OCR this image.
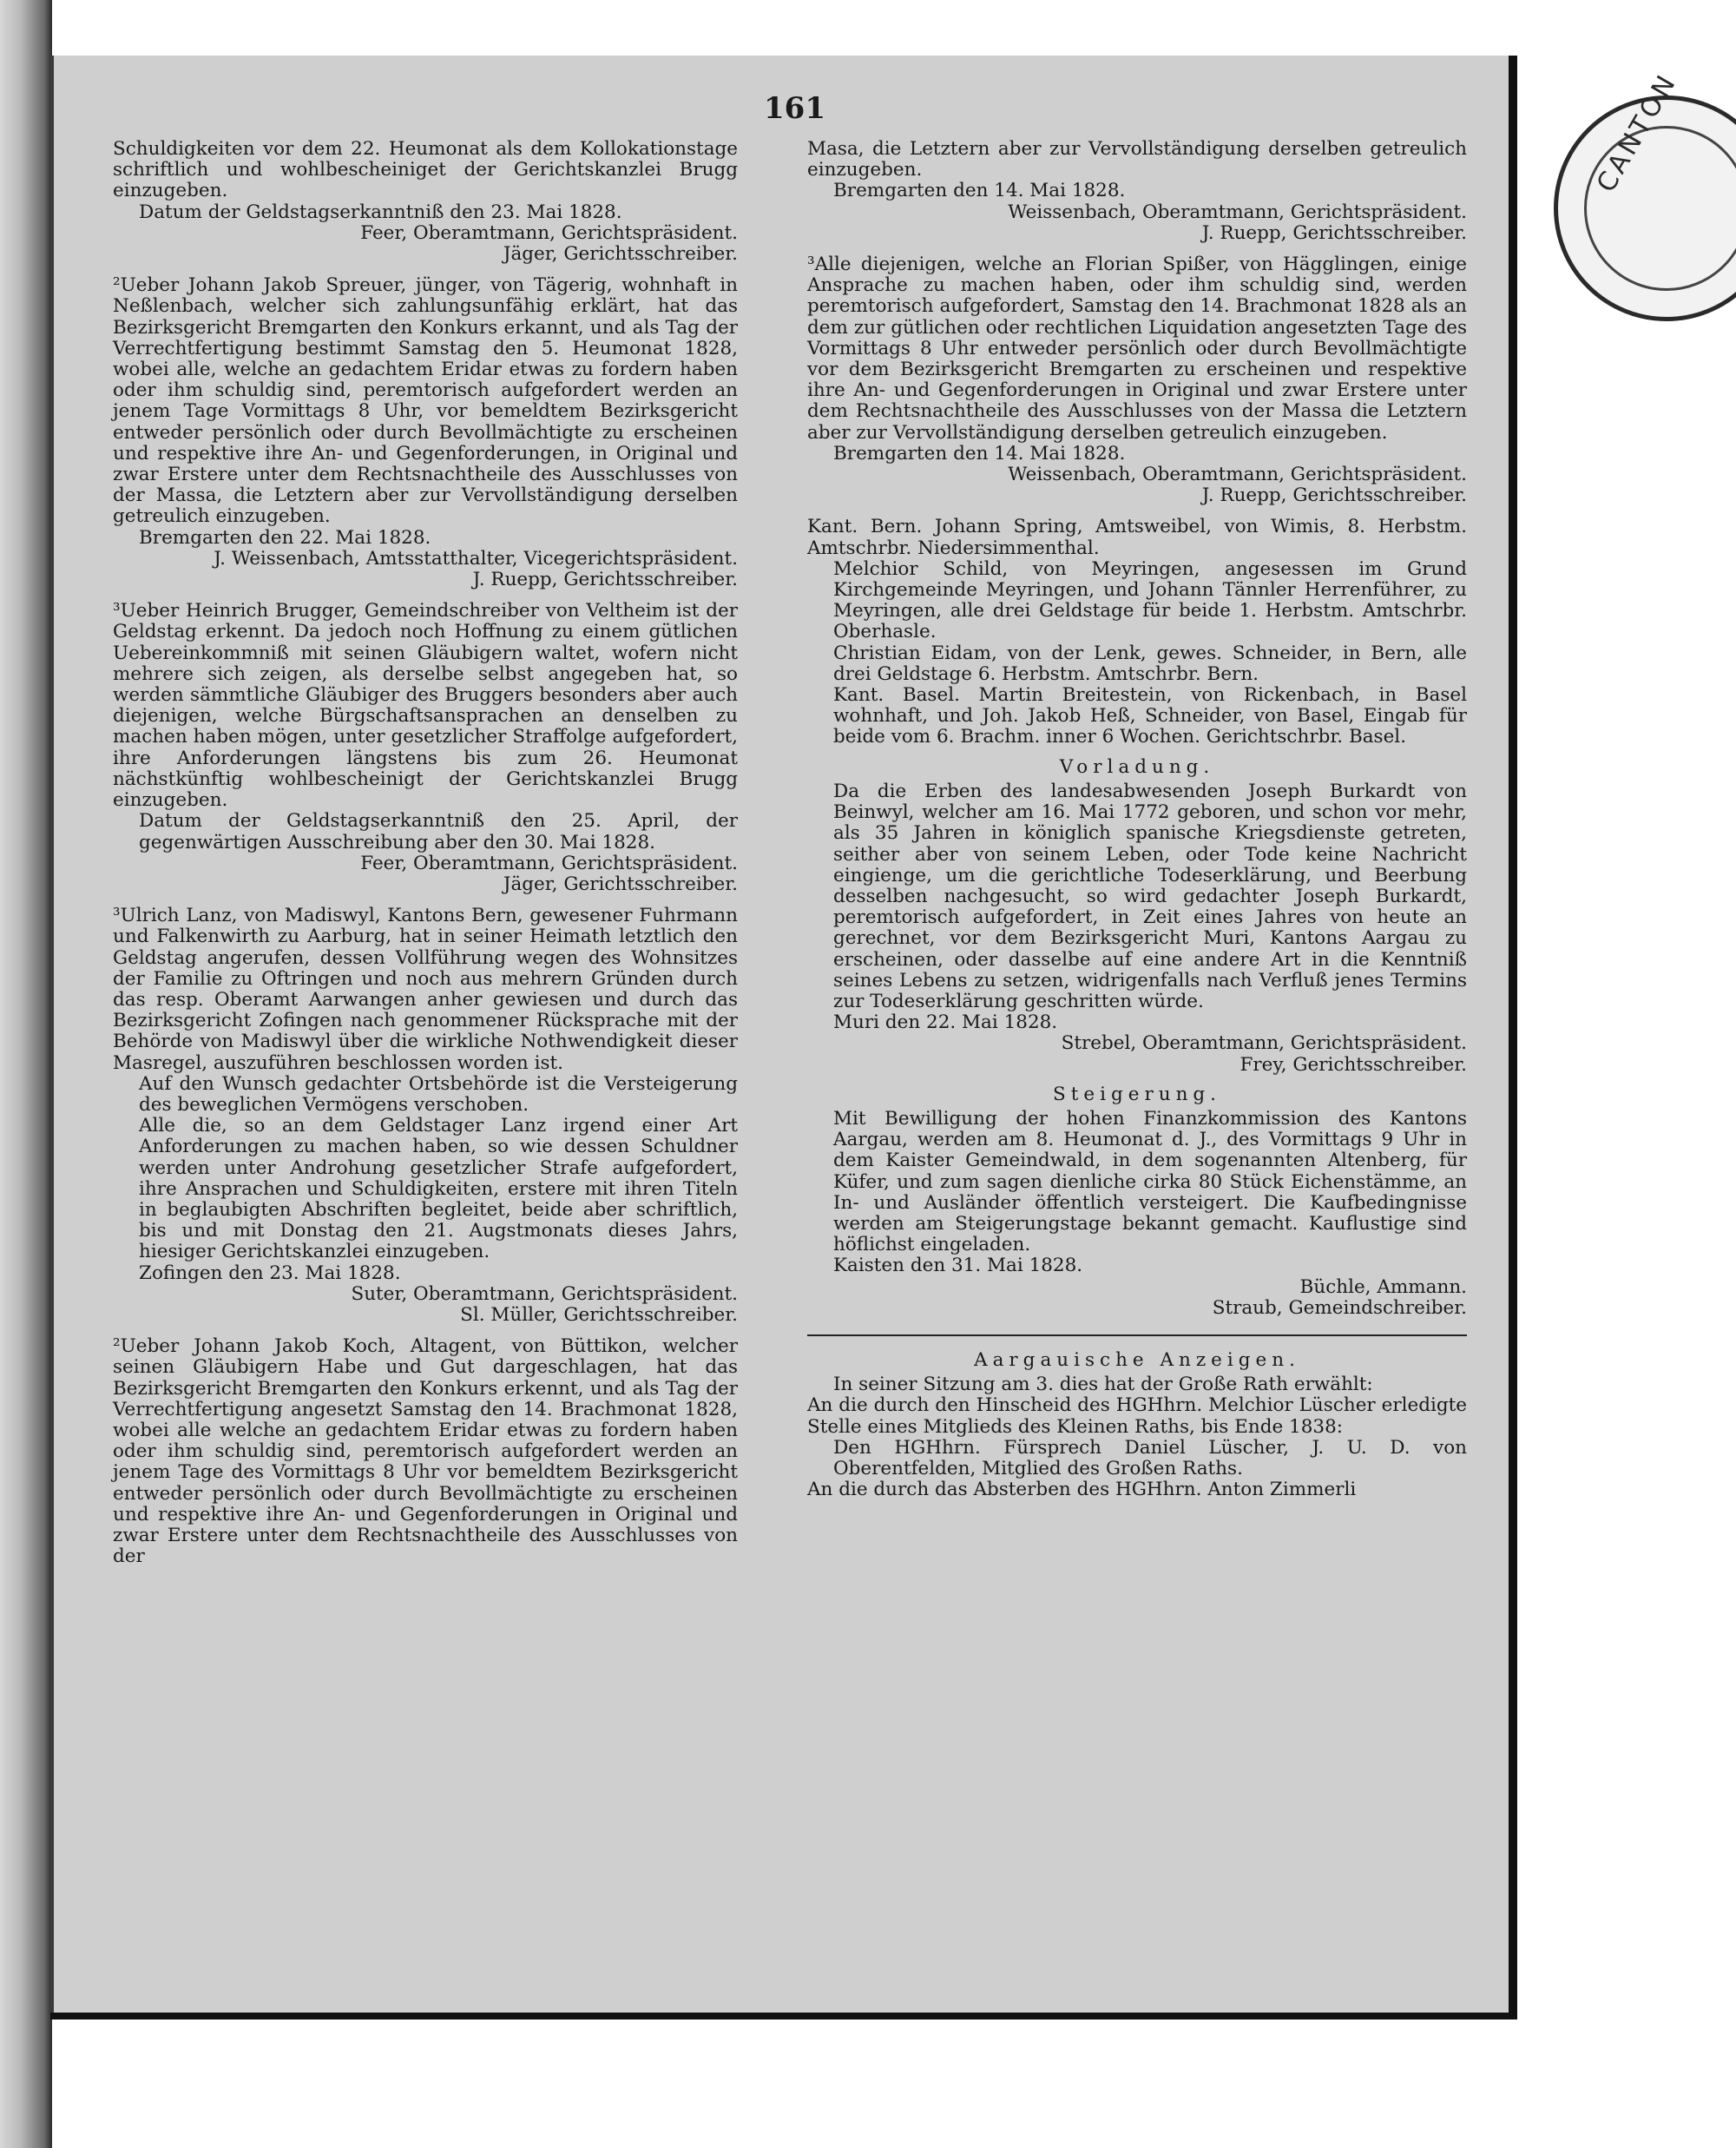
CANTON
161

Schuldigkeiten vor dem 22. Heumonat als dem Kollokationstage schriftlich und wohlbescheiniget der Gerichtskanzlei Brugg einzugeben.

Datum der Geldstagserkanntniß den 23. Mai 1828.

Feer, Oberamtmann, Gerichtspräsident.

Jäger, Gerichtsschreiber.

²Ueber Johann Jakob Spreuer, jünger, von Tägerig, wohnhaft in Neßlenbach, welcher sich zahlungsunfähig erklärt, hat das Bezirksgericht Bremgarten den Konkurs erkannt, und als Tag der Verrechtfertigung bestimmt Samstag den 5. Heumonat 1828, wobei alle, welche an gedachtem Eridar etwas zu fordern haben oder ihm schuldig sind, peremtorisch aufgefordert werden an jenem Tage Vormittags 8 Uhr, vor bemeldtem Bezirksgericht entweder persönlich oder durch Bevollmächtigte zu erscheinen und respektive ihre An- und Gegenforderungen, in Original und zwar Erstere unter dem Rechtsnachtheile des Ausschlusses von der Massa, die Letztern aber zur Vervollständigung derselben getreulich einzugeben.

Bremgarten den 22. Mai 1828.

J. Weissenbach, Amtsstatthalter, Vicegerichtspräsident.

J. Ruepp, Gerichtsschreiber.

³Ueber Heinrich Brugger, Gemeindschreiber von Veltheim ist der Geldstag erkennt. Da jedoch noch Hoffnung zu einem gütlichen Uebereinkommniß mit seinen Gläubigern waltet, wofern nicht mehrere sich zeigen, als derselbe selbst angegeben hat, so werden sämmtliche Gläubiger des Bruggers besonders aber auch diejenigen, welche Bürgschaftsansprachen an denselben zu machen haben mögen, unter gesetzlicher Straffolge aufgefordert, ihre Anforderungen längstens bis zum 26. Heumonat nächstkünftig wohlbescheinigt der Gerichtskanzlei Brugg einzugeben.

Datum der Geldstagserkanntniß den 25. April, der gegenwärtigen Ausschreibung aber den 30. Mai 1828.

Feer, Oberamtmann, Gerichtspräsident.

Jäger, Gerichtsschreiber.

³Ulrich Lanz, von Madiswyl, Kantons Bern, gewesener Fuhrmann und Falkenwirth zu Aarburg, hat in seiner Heimath letztlich den Geldstag angerufen, dessen Vollführung wegen des Wohnsitzes der Familie zu Oftringen und noch aus mehrern Gründen durch das resp. Oberamt Aarwangen anher gewiesen und durch das Bezirksgericht Zofingen nach genommener Rücksprache mit der Behörde von Madiswyl über die wirkliche Nothwendigkeit dieser Masregel, auszuführen beschlossen worden ist.

Auf den Wunsch gedachter Ortsbehörde ist die Versteigerung des beweglichen Vermögens verschoben.

Alle die, so an dem Geldstager Lanz irgend einer Art Anforderungen zu machen haben, so wie dessen Schuldner werden unter Androhung gesetzlicher Strafe aufgefordert, ihre Ansprachen und Schuldigkeiten, erstere mit ihren Titeln in beglaubigten Abschriften begleitet, beide aber schriftlich, bis und mit Donstag den 21. Augstmonats dieses Jahrs, hiesiger Gerichtskanzlei einzugeben.

Zofingen den 23. Mai 1828.

Suter, Oberamtmann, Gerichtspräsident.

Sl. Müller, Gerichtsschreiber.

²Ueber Johann Jakob Koch, Altagent, von Büttikon, welcher seinen Gläubigern Habe und Gut dargeschlagen, hat das Bezirksgericht Bremgarten den Konkurs erkennt, und als Tag der Verrechtfertigung angesetzt Samstag den 14. Brachmonat 1828, wobei alle welche an gedachtem Eridar etwas zu fordern haben oder ihm schuldig sind, peremtorisch aufgefordert werden an jenem Tage des Vormittags 8 Uhr vor bemeldtem Bezirksgericht entweder persönlich oder durch Bevollmächtigte zu erscheinen und respektive ihre An- und Gegenforderungen in Original und zwar Erstere unter dem Rechtsnachtheile des Ausschlusses von der

Masa, die Letztern aber zur Vervollständigung derselben getreulich einzugeben.

Bremgarten den 14. Mai 1828.

Weissenbach, Oberamtmann, Gerichtspräsident.

J. Ruepp, Gerichtsschreiber.

³Alle diejenigen, welche an Florian Spißer, von Hägglingen, einige Ansprache zu machen haben, oder ihm schuldig sind, werden peremtorisch aufgefordert, Samstag den 14. Brachmonat 1828 als an dem zur gütlichen oder rechtlichen Liquidation angesetzten Tage des Vormittags 8 Uhr entweder persönlich oder durch Bevollmächtigte vor dem Bezirksgericht Bremgarten zu erscheinen und respektive ihre An- und Gegenforderungen in Original und zwar Erstere unter dem Rechtsnachtheile des Ausschlusses von der Massa die Letztern aber zur Vervollständigung derselben getreulich einzugeben.

Bremgarten den 14. Mai 1828.

Weissenbach, Oberamtmann, Gerichtspräsident.

J. Ruepp, Gerichtsschreiber.

Kant. Bern. Johann Spring, Amtsweibel, von Wimis, 8. Herbstm. Amtschrbr. Niedersimmenthal.

Melchior Schild, von Meyringen, angesessen im Grund Kirchgemeinde Meyringen, und Johann Tännler Herrenführer, zu Meyringen, alle drei Geldstage für beide 1. Herbstm. Amtschrbr. Oberhasle.

Christian Eidam, von der Lenk, gewes. Schneider, in Bern, alle drei Geldstage 6. Herbstm. Amtschrbr. Bern.

Kant. Basel. Martin Breitestein, von Rickenbach, in Basel wohnhaft, und Joh. Jakob Heß, Schneider, von Basel, Eingab für beide vom 6. Brachm. inner 6 Wochen. Gerichtschrbr. Basel.

Vorladung.

Da die Erben des landesabwesenden Joseph Burkardt von Beinwyl, welcher am 16. Mai 1772 geboren, und schon vor mehr, als 35 Jahren in königlich spanische Kriegsdienste getreten, seither aber von seinem Leben, oder Tode keine Nachricht eingienge, um die gerichtliche Todeserklärung, und Beerbung desselben nachgesucht, so wird gedachter Joseph Burkardt, peremtorisch aufgefordert, in Zeit eines Jahres von heute an gerechnet, vor dem Bezirksgericht Muri, Kantons Aargau zu erscheinen, oder dasselbe auf eine andere Art in die Kenntniß seines Lebens zu setzen, widrigenfalls nach Verfluß jenes Termins zur Todeserklärung geschritten würde.

Muri den 22. Mai 1828.

Strebel, Oberamtmann, Gerichtspräsident.

Frey, Gerichtsschreiber.

Steigerung.

Mit Bewilligung der hohen Finanzkommission des Kantons Aargau, werden am 8. Heumonat d. J., des Vormittags 9 Uhr in dem Kaister Gemeindwald, in dem sogenannten Altenberg, für Küfer, und zum sagen dienliche cirka 80 Stück Eichenstämme, an In- und Ausländer öffentlich versteigert. Die Kaufbedingnisse werden am Steigerungstage bekannt gemacht. Kauflustige sind höflichst eingeladen.

Kaisten den 31. Mai 1828.

Büchle, Ammann.

Straub, Gemeindschreiber.

Aargauische Anzeigen.

In seiner Sitzung am 3. dies hat der Große Rath erwählt:

An die durch den Hinscheid des HGHhrn. Melchior Lüscher erledigte Stelle eines Mitglieds des Kleinen Raths, bis Ende 1838:

Den HGHhrn. Fürsprech Daniel Lüscher, J. U. D. von Oberentfelden, Mitglied des Großen Raths.

An die durch das Absterben des HGHhrn. Anton Zimmerli
